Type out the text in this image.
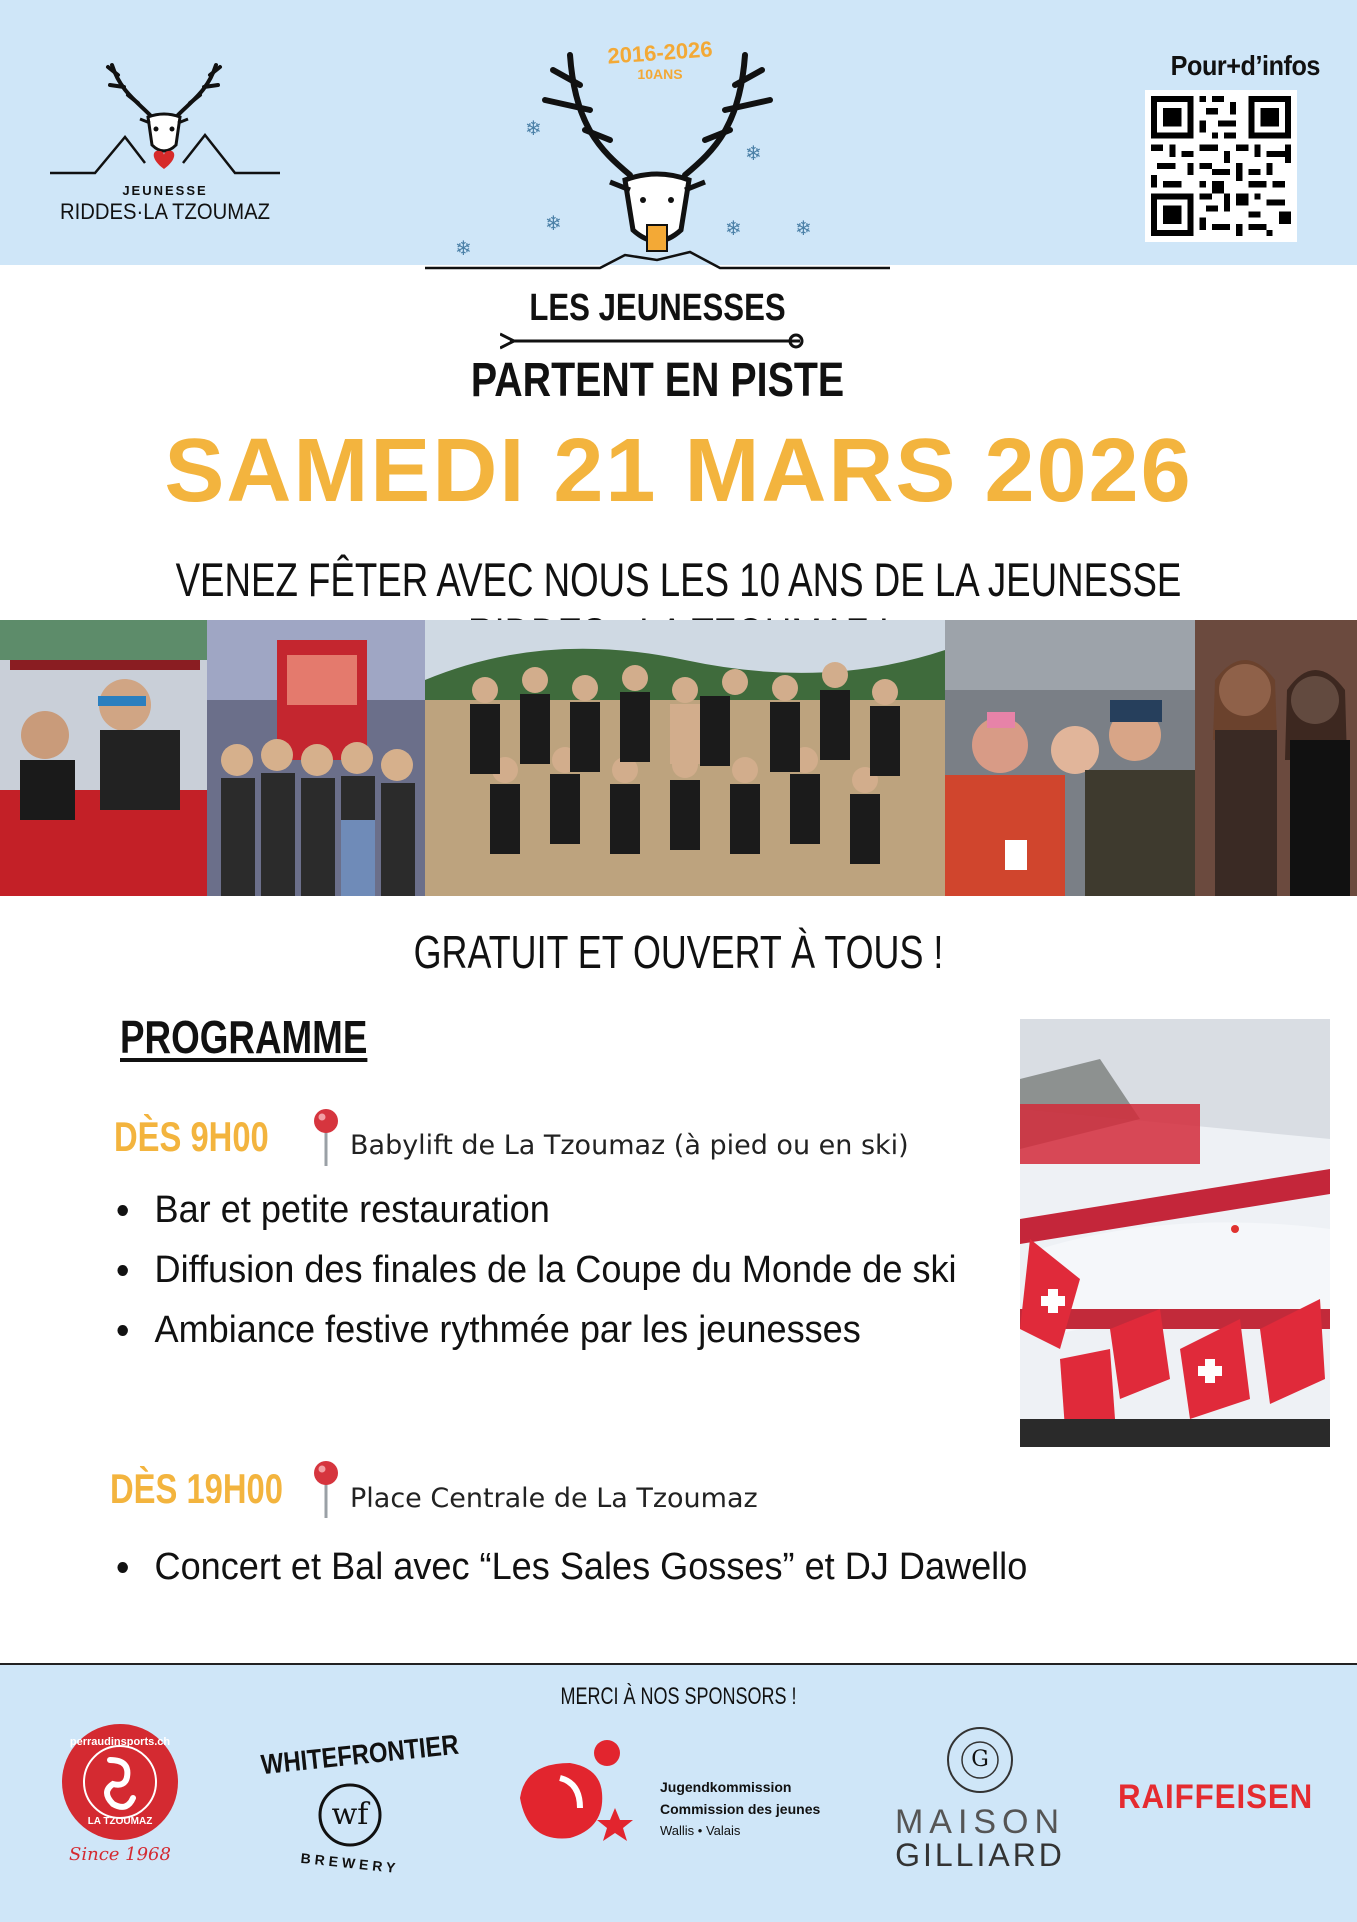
JEUNESSE
RIDDES·LA TZOUMAZ
2016-2026
10ANS
❄
❄
❄
❄
❄	❄
Pour+d’infos
LES JEUNESSES
PARTENT EN PISTE
SAMEDI 21 MARS 2026
VENEZ FÊTER AVEC NOUS LES 10 ANS DE LA JEUNESSE
GRATUIT ET OUVERT À TOUS !
PROGRAMME
DÈS 9H00	Babylift de La Tzoumaz (à pied ou en ski)
• Bar et petite restauration
• Diffusion des finales de la Coupe du Monde de ski
• Ambiance festive rythmée par les jeunesses
DÈS 19H00 Place Centrale de La Tzoumaz
• Concert et Bal avec “Les Sales Gosses” et DJ Dawello
MERCI À NOS SPONSORS !
perraudinsports.ch
LA TZOUMAZ
Since 1968
WHITEFRONTIER
wf
BREWERY
Jugendkommission
Commission des jeunes
Wallis • Valais
G
MAISON
GILLIARD
RAIFFEISEN
